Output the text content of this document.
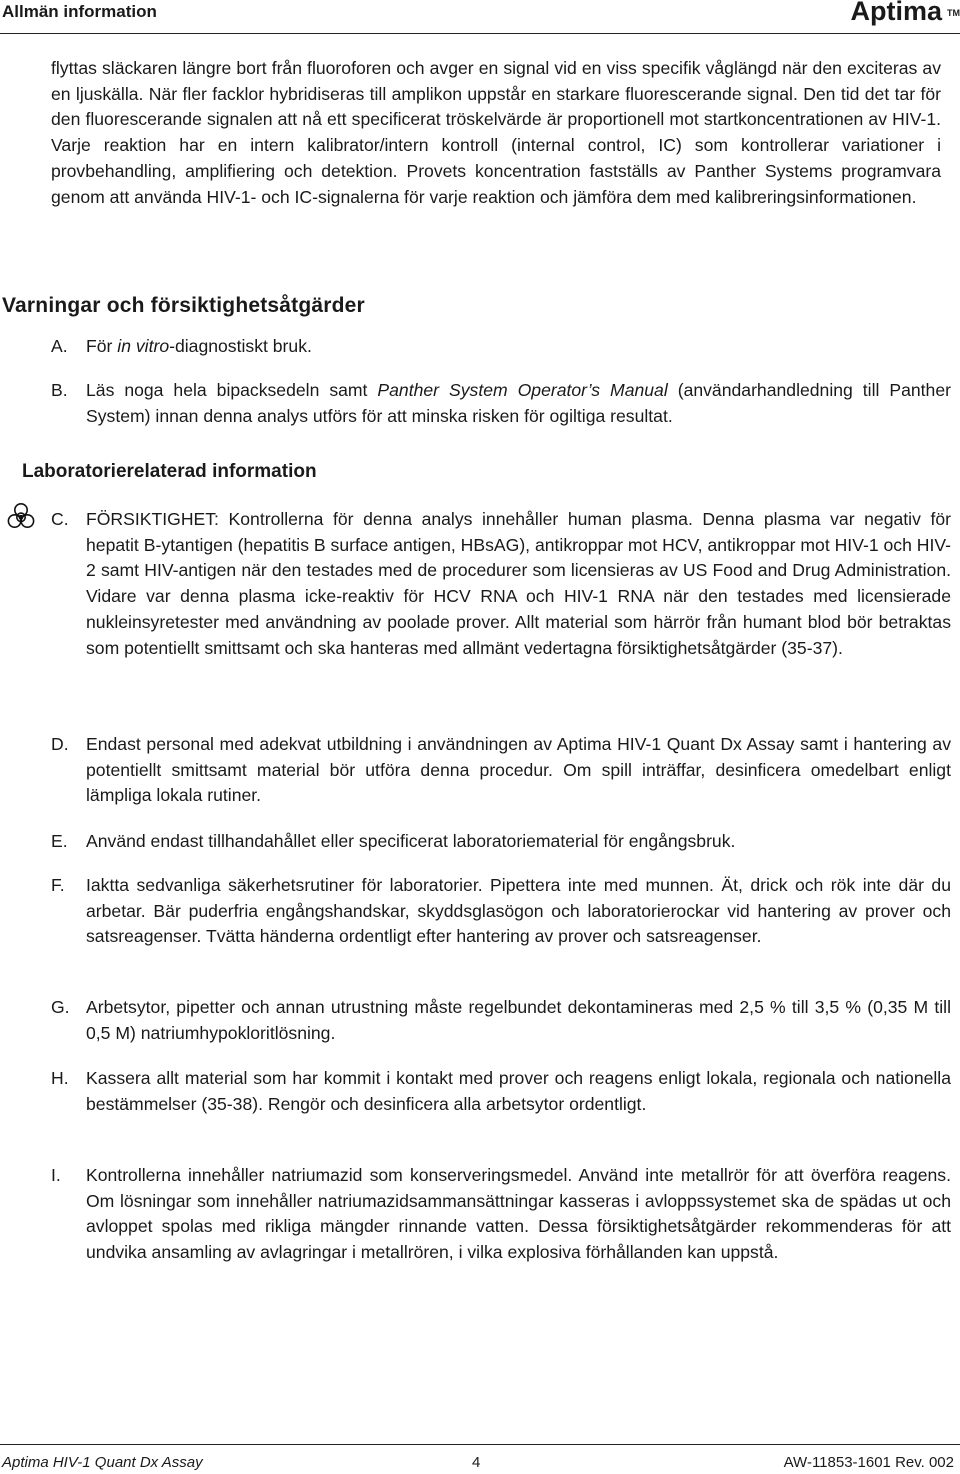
Allmän information	Aptima TM

flyttas släckaren längre bort från fluoroforen och avger en signal vid en viss specifik våglängd när den exciteras av en ljuskälla. När fler facklor hybridiseras till amplikon uppstår en starkare fluorescerande signal. Den tid det tar för den fluorescerande signalen att nå ett specificerat tröskelvärde är proportionell mot startkoncentrationen av HIV-1. Varje reaktion har en intern kalibrator/intern kontroll (internal control, IC) som kontrollerar variationer i provbehandling, amplifiering och detektion. Provets koncentration fastställs av Panther Systems programvara genom att använda HIV-1- och IC-signalerna för varje reaktion och jämföra dem med kalibreringsinformationen.

Varningar och försiktighetsåtgärder
A. För in vitro-diagnostiskt bruk.

B. Läs noga hela bipacksedeln samt Panther System Operator’s Manual (användarhandledning till Panther System) innan denna analys utförs för att minska risken för ogiltiga resultat.

Laboratorierelaterad information
C. FÖRSIKTIGHET: Kontrollerna för denna analys innehåller human plasma. Denna plasma var negativ för hepatit B-ytantigen (hepatitis B surface antigen, HBsAG), antikroppar mot HCV, antikroppar mot HIV-1 och HIV-2 samt HIV-antigen när den testades med de procedurer som licensieras av US Food and Drug Administration. Vidare var denna plasma icke-reaktiv för HCV RNA och HIV-1 RNA när den testades med licensierade nukleinsyretester med användning av poolade prover. Allt material som härrör från humant blod bör betraktas som potentiellt smittsamt och ska hanteras med allmänt vedertagna försiktighetsåtgärder (35-37).

D. Endast personal med adekvat utbildning i användningen av Aptima HIV-1 Quant Dx Assay samt i hantering av potentiellt smittsamt material bör utföra denna procedur. Om spill inträffar, desinficera omedelbart enligt lämpliga lokala rutiner.

E. Använd endast tillhandahållet eller specificerat laboratoriematerial för engångsbruk.

F. Iaktta sedvanliga säkerhetsrutiner för laboratorier. Pipettera inte med munnen. Ät, drick och rök inte där du arbetar. Bär puderfria engångshandskar, skyddsglasögon och laboratorierockar vid hantering av prover och satsreagenser. Tvätta händerna ordentligt efter hantering av prover och satsreagenser.

G. Arbetsytor, pipetter och annan utrustning måste regelbundet dekontamineras med 2,5 % till 3,5 % (0,35 M till 0,5 M) natriumhypokloritlösning.

H. Kassera allt material som har kommit i kontakt med prover och reagens enligt lokala, regionala och nationella bestämmelser (35-38). Rengör och desinficera alla arbetsytor ordentligt.

I. Kontrollerna innehåller natriumazid som konserveringsmedel. Använd inte metallrör för att överföra reagens. Om lösningar som innehåller natriumazidsammansättningar kasseras i avloppssystemet ska de spädas ut och avloppet spolas med rikliga mängder rinnande vatten. Dessa försiktighetsåtgärder rekommenderas för att undvika ansamling av avlagringar i metallrören, i vilka explosiva förhållanden kan uppstå.

Aptima HIV-1 Quant Dx Assay	4	AW-11853-1601 Rev. 002
